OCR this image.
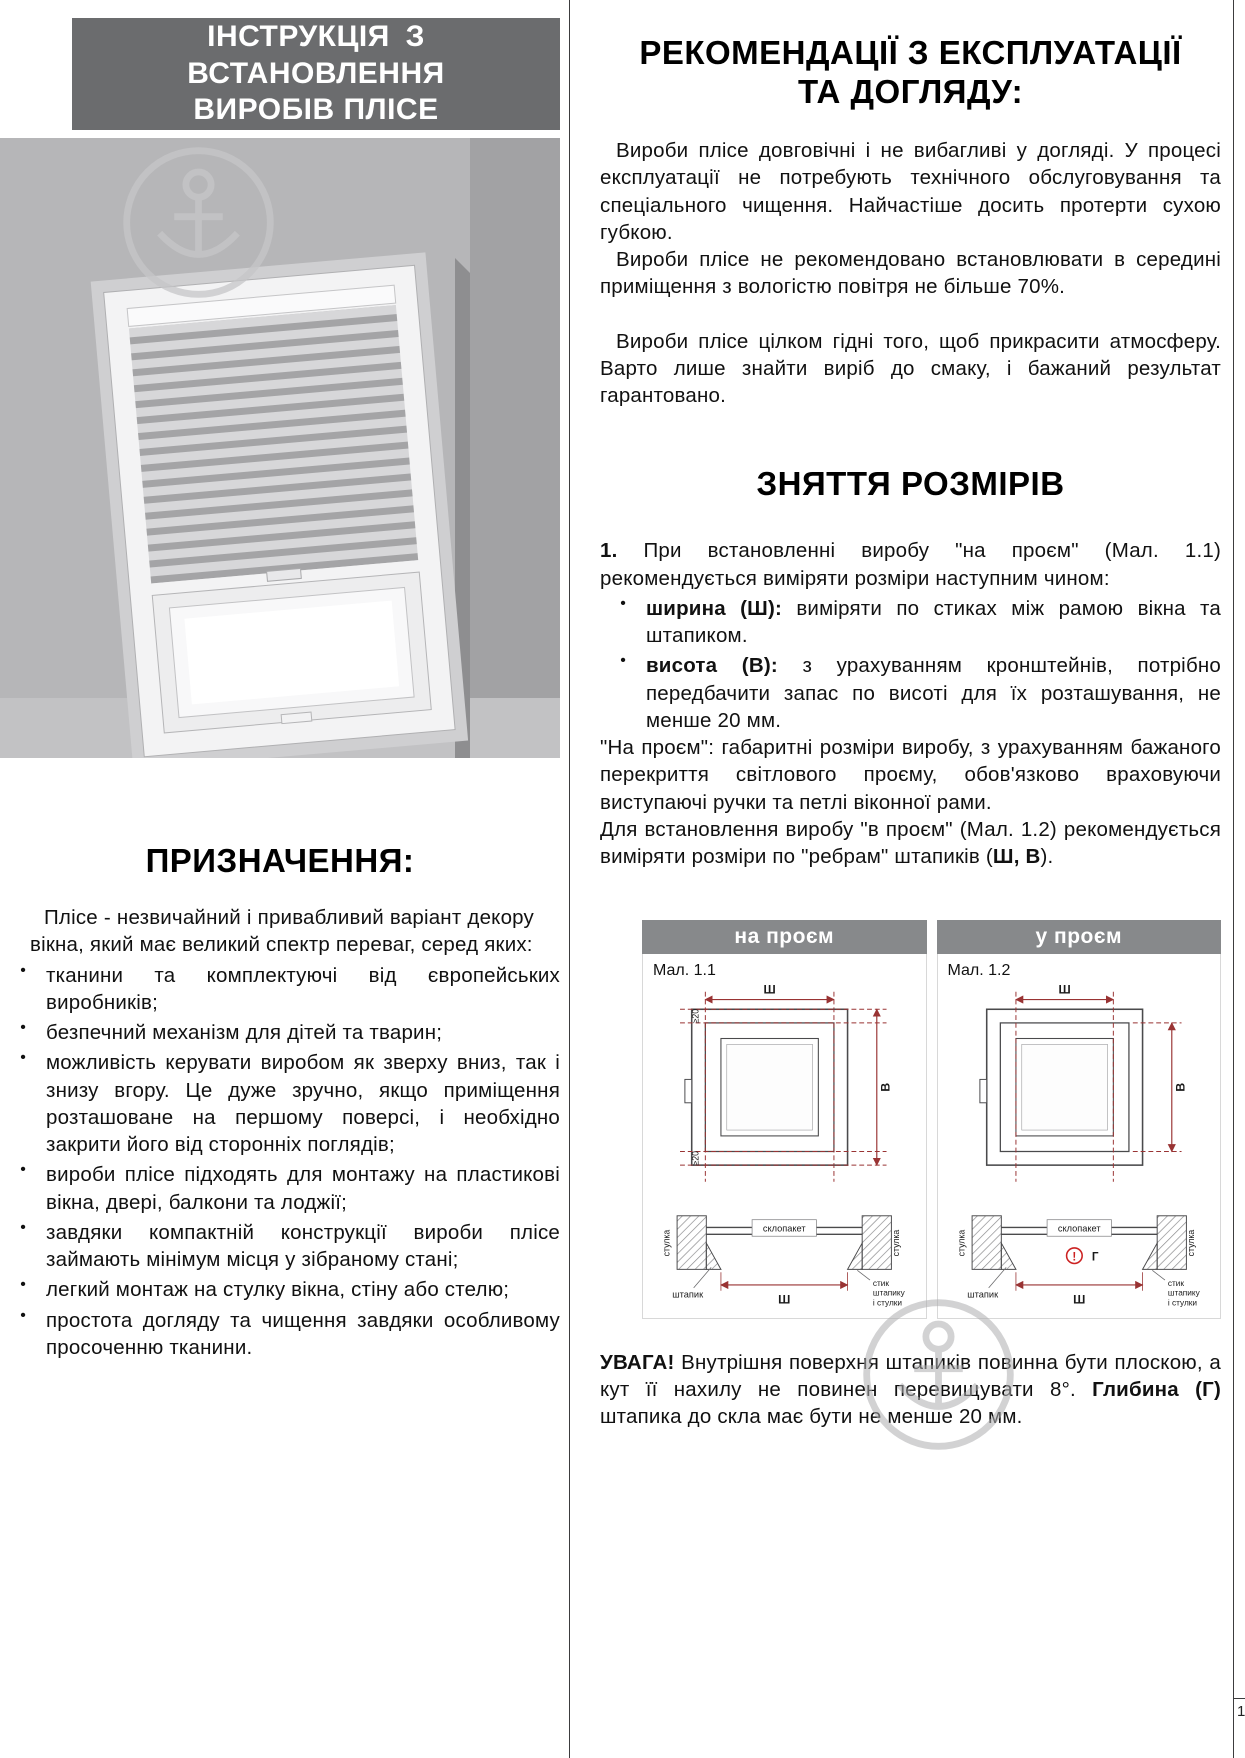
ІНСТРУКЦІЯ З ВСТАНОВЛЕННЯ
ВИРОБІВ ПЛІСЕ
ПРИЗНАЧЕННЯ:

Плісе - незвичайний і привабливий варіант декору вікна, який має великий спектр переваг, серед яких:

• тканини та комплектуючі від європейських виробників;
• безпечний механізм для дітей та тварин;
• можливість керувати виробом як зверху вниз, так і знизу вгору. Це дуже зручно, якщо приміщення розташоване на першому поверсі, і необхідно закрити його від сторонніх поглядів;
• вироби плісе підходять для монтажу на пластикові вікна, двері, балкони та лоджії;
• завдяки компактній конструкції вироби плісе займають мінімум місця у зібраному стані;
• легкий монтаж на стулку вікна, стіну або стелю;
• простота догляду та чищення завдяки особливому просоченню тканини.
РЕКОМЕНДАЦІЇ З ЕКСПЛУАТАЦІЇ
ТА ДОГЛЯДУ:

Вироби плісе довговічні і не вибагливі у догляді. У процесі експлуатації не потребують технічного обслуговування та спеціального чищення. Найчастіше досить протерти сухою губкою.

Вироби плісе не рекомендовано встановлювати в середині приміщення з вологістю повітря не більше 70%.

Вироби плісе цілком гідні того, щоб прикрасити атмосферу. Варто лише знайти виріб до смаку, і бажаний результат гарантовано.

ЗНЯТТЯ РОЗМІРІВ

1. При встановленні виробу "на проєм" (Мал. 1.1) рекомендується виміряти розміри наступним чином:

• ширина (Ш): виміряти по стиках між рамою вікна та штапиком.
• висота (В): з урахуванням кронштейнів, потрібно передбачити запас по висоті для їх розташування, не менше 20 мм.

"На проєм": габаритні розміри виробу, з урахуванням бажаного перекриття світлового проєму, обов'язково враховуючи виступаючі ручки та петлі віконної рами.

Для встановлення виробу "в проєм" (Мал. 1.2) рекомендується виміряти розміри по "ребрам" штапиків (Ш, В).

на проєм
Мал. 1.1
Ш
В
≥20
≥20
склопакет
стулка	стулка
штапик	Ш
стик
штапику
і стулки
у проєм
Мал. 1.2
Ш
В
склопакет
стулка	стулка
! Г
штапик	Ш
стик
штапику
і стулки

УВАГА! Внутрішня поверхня штапиків повинна бути плоскою, а кут її нахилу не повинен перевищувати 8°. Глибина (Г) штапика до скла має бути не менше 20 мм.

1
